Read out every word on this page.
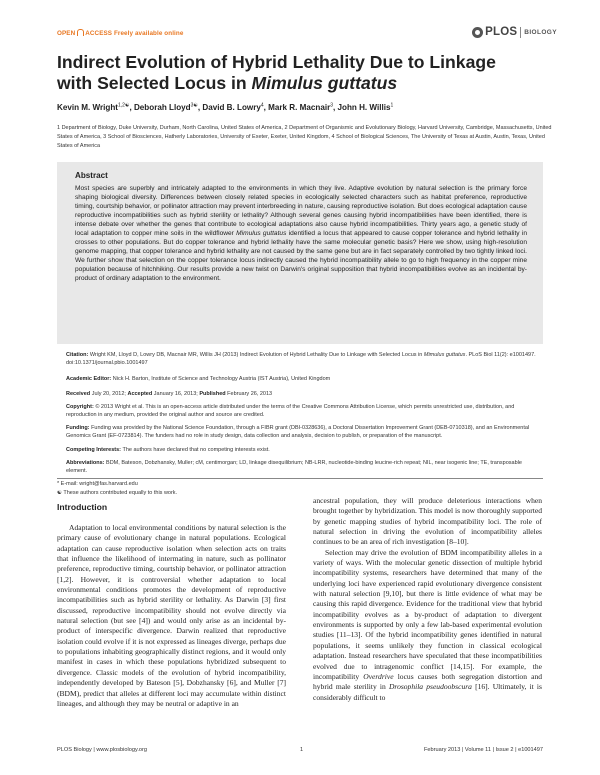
OPEN ACCESS Freely available online	PLOS BIOLOGY
Indirect Evolution of Hybrid Lethality Due to Linkage
with Selected Locus in Mimulus guttatus
Kevin M. Wright$^{1,2☯}$, Deborah Lloyd$^{3☯}$, David B. Lowry$^4$, Mark R. Macnair$^3$, John H. Willis$^1$
1 Department of Biology, Duke University, Durham, North Carolina, United States of America, 2 Department of Organismic and Evolutionary Biology, Harvard University, Cambridge, Massachusetts, United States of America, 3 School of Biosciences, Hatherly Laboratories, University of Exeter, Exeter, United Kingdom, 4 School of Biological Sciences, The University of Texas at Austin, Austin, Texas, United States of America
Abstract
Most species are superbly and intricately adapted to the environments in which they live. Adaptive evolution by natural selection is the primary force shaping biological diversity. Differences between closely related species in ecologically selected characters such as habitat preference, reproductive timing, courtship behavior, or pollinator attraction may prevent interbreeding in nature, causing reproductive isolation. But does ecological adaptation cause reproductive incompatibilities such as hybrid sterility or lethality? Although several genes causing hybrid incompatibilities have been identified, there is intense debate over whether the genes that contribute to ecological adaptations also cause hybrid incompatibilities. Thirty years ago, a genetic study of local adaptation to copper mine soils in the wildflower Mimulus guttatus identified a locus that appeared to cause copper tolerance and hybrid lethality in crosses to other populations. But do copper tolerance and hybrid lethality have the same molecular genetic basis? Here we show, using high-resolution genome mapping, that copper tolerance and hybrid lethality are not caused by the same gene but are in fact separately controlled by two tightly linked loci. We further show that selection on the copper tolerance locus indirectly caused the hybrid incompatibility allele to go to high frequency in the copper mine population because of hitchhiking. Our results provide a new twist on Darwin's original supposition that hybrid incompatibilities evolve as an incidental by-product of ordinary adaptation to the environment.
Citation: Wright KM, Lloyd D, Lowry DB, Macnair MR, Willis JH (2013) Indirect Evolution of Hybrid Lethality Due to Linkage with Selected Locus in Mimulus guttatus. PLoS Biol 11(2): e1001497. doi:10.1371/journal.pbio.1001497
Academic Editor: Nick H. Barton, Institute of Science and Technology Austria (IST Austria), United Kingdom
Received July 20, 2012; Accepted January 16, 2013; Published February 26, 2013
Copyright: © 2013 Wright et al. This is an open-access article distributed under the terms of the Creative Commons Attribution License, which permits unrestricted use, distribution, and reproduction in any medium, provided the original author and source are credited.
Funding: Funding was provided by the National Science Foundation, through a FIBR grant (DBI-0328636), a Doctoral Dissertation Improvement Grant (DEB-0710318), and an Environmental Genomics Grant (EF-0723814). The funders had no role in study design, data collection and analysis, decision to publish, or preparation of the manuscript.
Competing Interests: The authors have declared that no competing interests exist.
Abbreviations: BDM, Bateson, Dobzhansky, Muller; cM, centimorgan; LD, linkage disequilibrium; NB-LRR, nucleotide-binding leucine-rich repeat; NIL, near isogenic line; TE, transposable element.
* E-mail: wright@fas.harvard.edu
☯ These authors contributed equally to this work.
Introduction

Adaptation to local environmental conditions by natural selection is the primary cause of evolutionary change in natural populations. Ecological adaptation can cause reproductive isolation when selection acts on traits that influence the likelihood of intermating in nature, such as pollinator preference, reproductive timing, courtship behavior, or pollinator attraction [1,2]. However, it is controversial whether adaptation to local environmental conditions promotes the development of reproductive incompatibilities such as hybrid sterility or lethality. As Darwin [3] first discussed, reproductive incompatibility should not evolve directly via natural selection (but see [4]) and would only arise as an incidental by-product of interspecific divergence. Darwin realized that reproductive isolation could evolve if it is not expressed as lineages diverge, perhaps due to populations inhabiting geographically distinct regions, and it would only manifest in cases in which these populations hybridized subsequent to divergence. Classic models of the evolution of hybrid incompatibility, independently developed by Bateson [5], Dobzhansky [6], and Muller [7] (BDM), predict that alleles at different loci may accumulate within distinct lineages, and although they may be neutral or adaptive in an

ancestral population, they will produce deleterious interactions when brought together by hybridization. This model is now thoroughly supported by genetic mapping studies of hybrid incompatibility loci. The role of natural selection in driving the evolution of incompatibility alleles continues to be an area of rich investigation [8–10].

Selection may drive the evolution of BDM incompatibility alleles in a variety of ways. With the molecular genetic dissection of multiple hybrid incompatibility systems, researchers have determined that many of the underlying loci have experienced rapid evolutionary divergence consistent with natural selection [9,10], but there is little evidence of what may be causing this rapid divergence. Evidence for the traditional view that hybrid incompatibility evolves as a by-product of adaptation to divergent environments is supported by only a few lab-based experimental evolution studies [11–13]. Of the hybrid incompatibility genes identified in natural populations, it seems unlikely they function in classical ecological adaptation. Instead researchers have speculated that these incompatibilities evolved due to intragenomic conflict [14,15]. For example, the incompatibility Overdrive locus causes both segregation distortion and hybrid male sterility in Drosophila pseudoobscura [16]. Ultimately, it is considerably difficult to

PLOS Biology | www.plosbiology.org	1	February 2013 | Volume 11 | Issue 2 | e1001497
